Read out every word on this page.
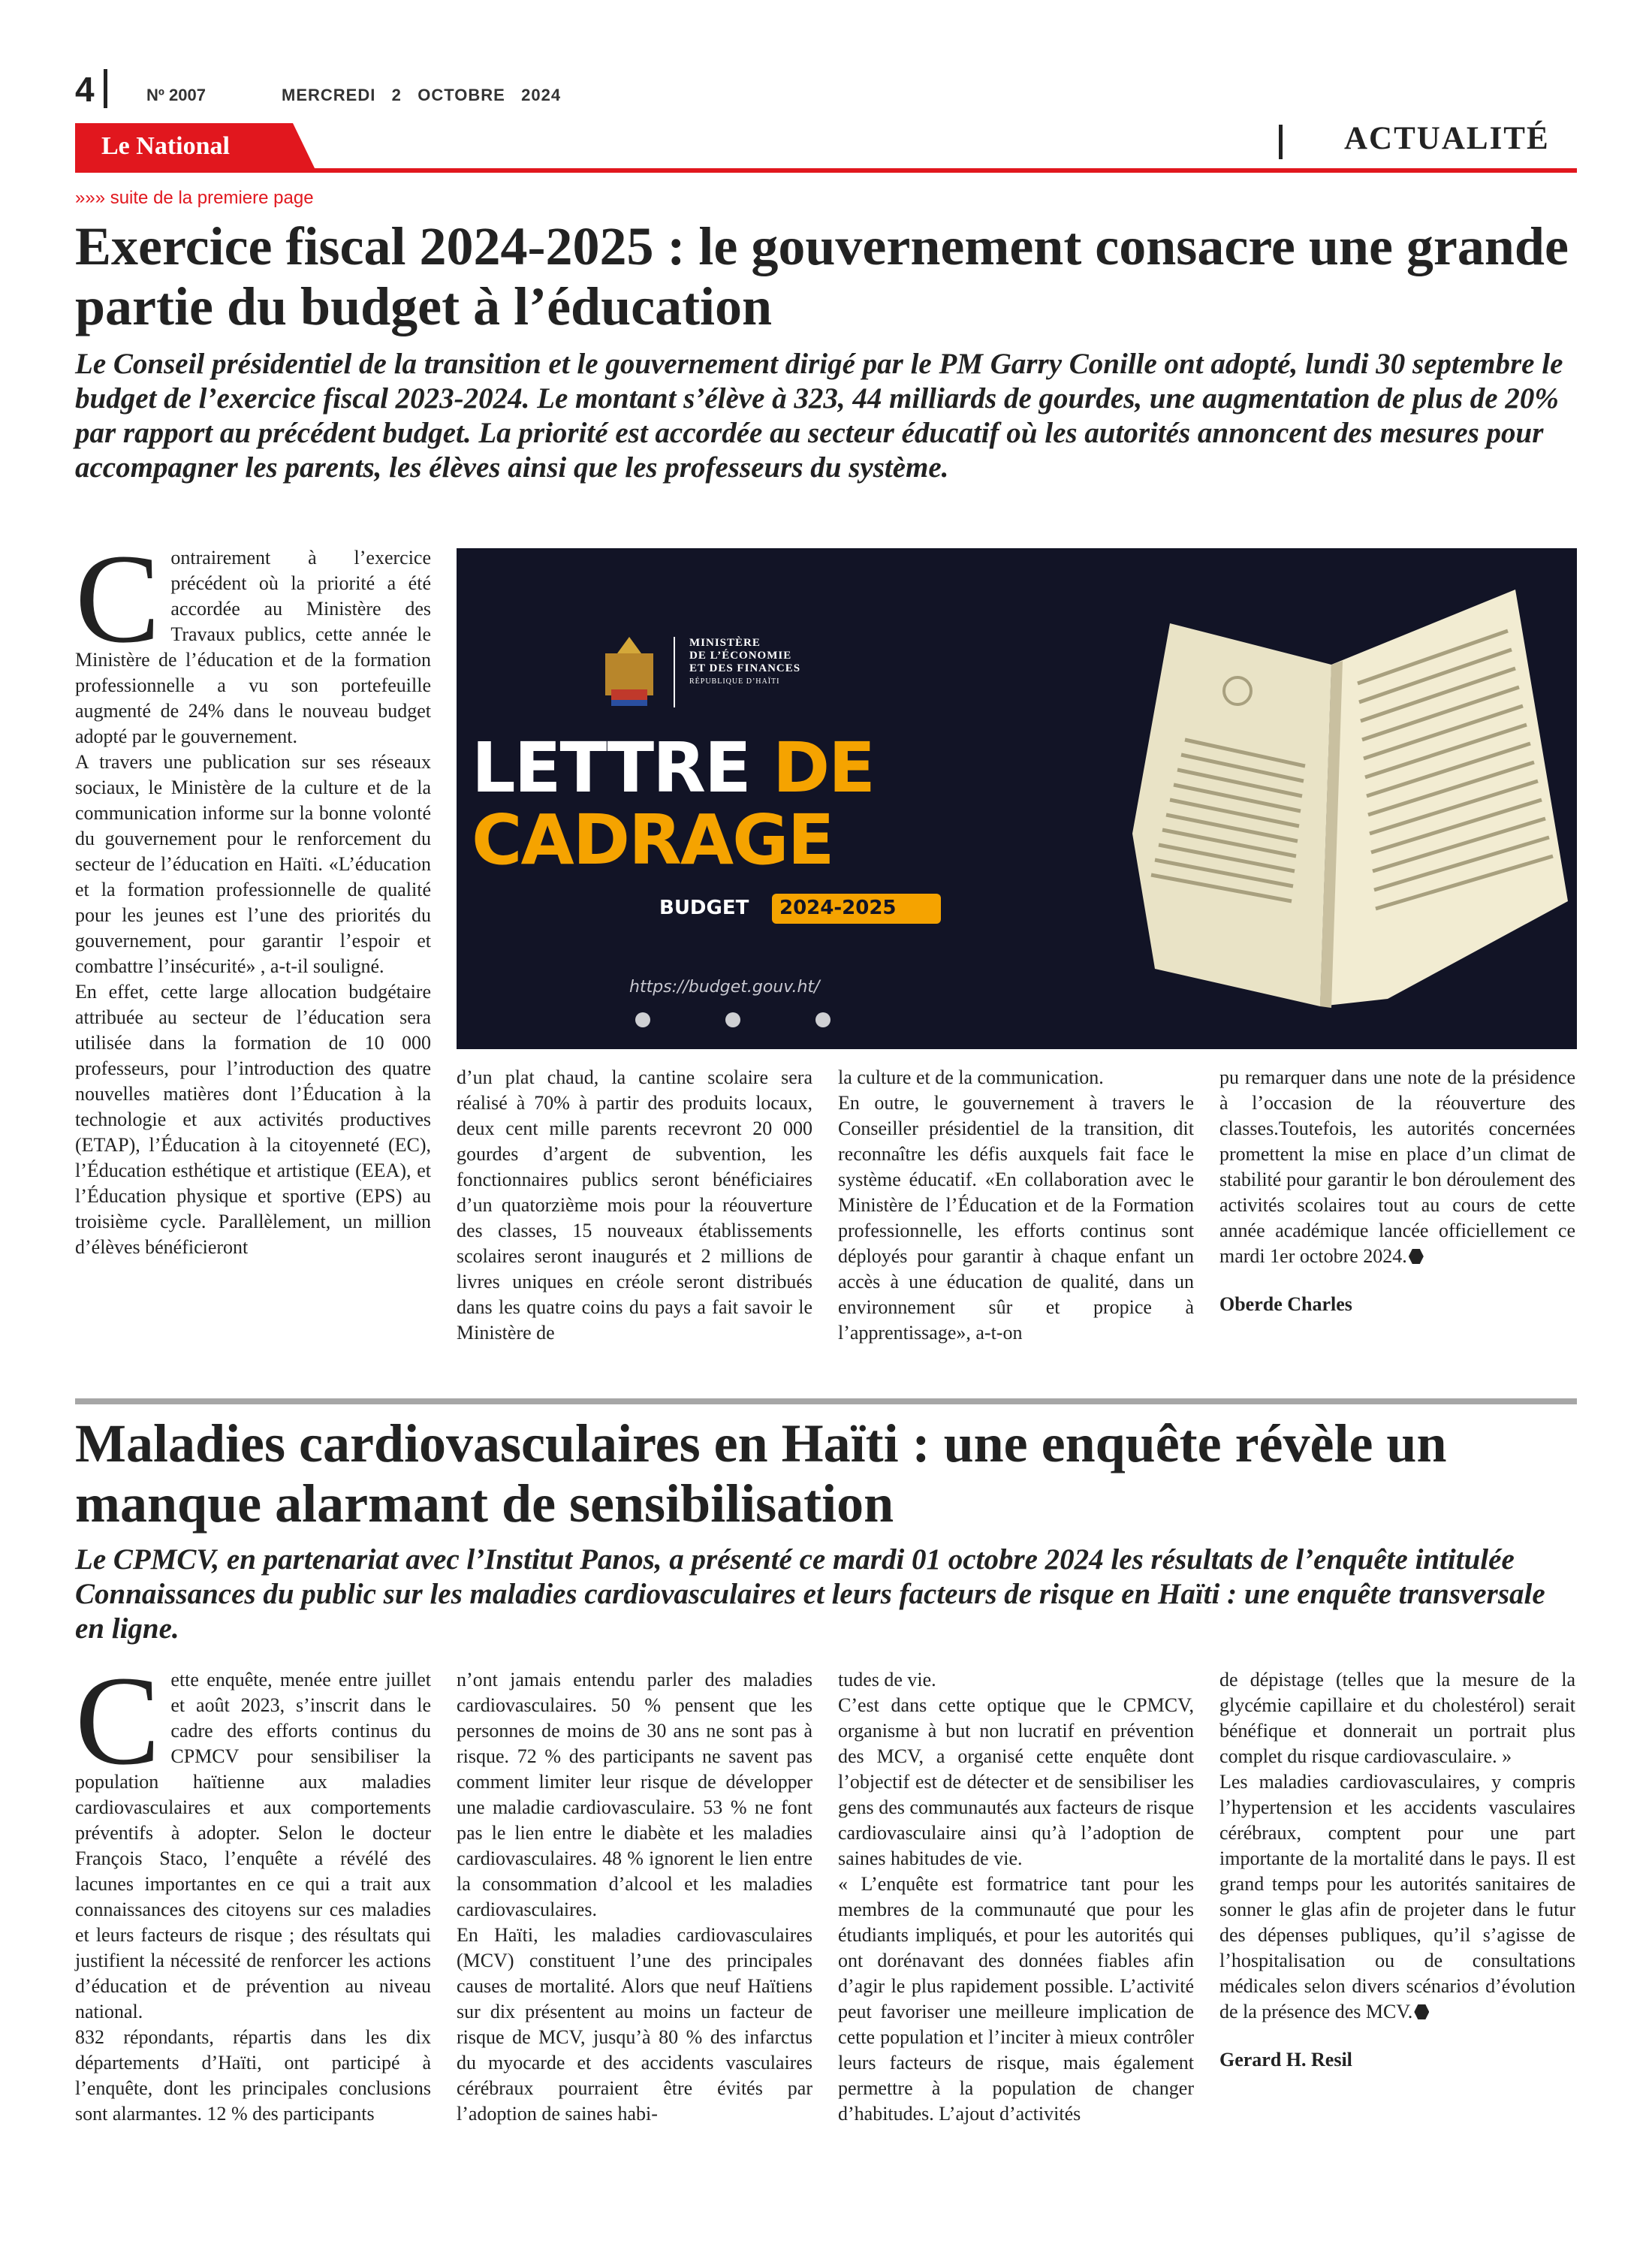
4	Nº 2007	MERCREDI   2   OCTOBRE   2024
Le National	ACTUALITÉ
»»» suite de la premiere page
Exercice fiscal 2024-2025 : le gouvernement consacre une grande partie du budget à l’éducation

Le Conseil présidentiel de la transition et le gouvernement dirigé par le PM Garry Conille ont adopté, lundi 30 septembre le budget de l’exercice fiscal 2023-2024. Le montant s’élève à 323, 44 milliards de gourdes, une augmentation de plus de 20% par rapport au précédent budget. La priorité est accordée au secteur éducatif où les autorités annoncent des mesures pour accompagner les parents, les élèves ainsi que les professeurs du système.

C ontrairement à l’exercice précédent où la priorité a été accordée au Ministère des Travaux publics, cette année le Ministère de l’éducation et de la formation professionnelle a vu son portefeuille augmenté de 24% dans le nouveau budget adopté par le gouvernement.

A travers une publication sur ses réseaux sociaux, le Ministère de la culture et de la communication informe sur la bonne volonté du gouvernement pour le renforcement du secteur de l’éducation en Haïti. «L’éducation et la formation professionnelle de qualité pour les jeunes est l’une des priorités du gouvernement, pour garantir l’espoir et combattre l’insécurité» , a-t-il souligné.

En effet, cette large allocation budgétaire attribuée au secteur de l’éducation sera utilisée dans la formation de 10 000 professeurs, pour l’introduction des quatre nouvelles matières dont l’Éducation à la technologie et aux activités productives (ETAP), l’Éducation à la citoyenneté (EC), l’Éducation esthétique et artistique (EEA), et l’Éducation physique et sportive (EPS) au troisième cycle. Parallèlement, un million d’élèves bénéficieront

MINISTÈRE
DE L’ÉCONOMIE
ET DES FINANCES
RÉPUBLIQUE D’HAÏTI
LETTRE DE
CADRAGE
BUDGET 2024-2025
https://budget.gouv.ht/

d’un plat chaud, la cantine scolaire sera réalisé à 70% à partir des produits locaux, deux cent mille parents recevront 20 000 gourdes d’argent de subvention, les fonctionnaires publics seront bénéficiaires d’un quatorzième mois pour la réouverture des classes, 15 nouveaux établissements scolaires seront inaugurés et 2 millions de livres uniques en créole seront distribués dans les quatre coins du pays a fait savoir le Ministère de

la culture et de la communication.

En outre, le gouvernement à travers le Conseiller présidentiel de la transition, dit reconnaître les défis auxquels fait face le système éducatif. «En collaboration avec le Ministère de l’Éducation et de la Formation professionnelle, les efforts continus sont déployés pour garantir à chaque enfant un accès à une éducation de qualité, dans un environnement sûr et propice à l’apprentissage», a-t-on

pu remarquer dans une note de la présidence à l’occasion de la réouverture des classes.Toutefois, les autorités concernées promettent la mise en place d’un climat de stabilité pour garantir le bon déroulement des activités scolaires tout au cours de cette année académique lancée officiellement ce mardi 1er octobre 2024.

Oberde Charles

Maladies cardiovasculaires en Haïti : une enquête révèle un manque alarmant de sensibilisation

Le CPMCV, en partenariat avec l’Institut Panos, a présenté ce mardi 01 octobre 2024 les résultats de l’enquête intitulée Connaissances du public sur les maladies cardiovasculaires et leurs facteurs de risque en Haïti : une enquête transversale en ligne.

C ette enquête, menée entre juillet et août 2023, s’inscrit dans le cadre des efforts continus du CPMCV pour sensibiliser la population haïtienne aux maladies cardiovasculaires et aux comportements préventifs à adopter. Selon le docteur François Staco, l’enquête a révélé des lacunes importantes en ce qui a trait aux connaissances des citoyens sur ces maladies et leurs facteurs de risque ; des résultats qui justifient la nécessité de renforcer les actions d’éducation et de prévention au niveau national.

832 répondants, répartis dans les dix départements d’Haïti, ont participé à l’enquête, dont les principales conclusions sont alarmantes. 12 % des participants

n’ont jamais entendu parler des maladies cardiovasculaires. 50 % pensent que les personnes de moins de 30 ans ne sont pas à risque. 72 % des participants ne savent pas comment limiter leur risque de développer une maladie cardiovasculaire. 53 % ne font pas le lien entre le diabète et les maladies cardiovasculaires. 48 % ignorent le lien entre la consommation d’alcool et les maladies cardiovasculaires.

En Haïti, les maladies cardiovasculaires (MCV) constituent l’une des principales causes de mortalité. Alors que neuf Haïtiens sur dix présentent au moins un facteur de risque de MCV, jusqu’à 80 % des infarctus du myocarde et des accidents vasculaires cérébraux pourraient être évités par l’adoption de saines habi-

tudes de vie.

C’est dans cette optique que le CPMCV, organisme à but non lucratif en prévention des MCV, a organisé cette enquête dont l’objectif est de détecter et de sensibiliser les gens des communautés aux facteurs de risque cardiovasculaire ainsi qu’à l’adoption de saines habitudes de vie.

« L’enquête est formatrice tant pour les membres de la communauté que pour les étudiants impliqués, et pour les autorités qui ont dorénavant des données fiables afin d’agir le plus rapidement possible. L’activité peut favoriser une meilleure implication de cette population et l’inciter à mieux contrôler leurs facteurs de risque, mais également permettre à la population de changer d’habitudes. L’ajout d’activités

de dépistage (telles que la mesure de la glycémie capillaire et du cholestérol) serait bénéfique et donnerait un portrait plus complet du risque cardiovasculaire. »

Les maladies cardiovasculaires, y compris l’hypertension et les accidents vasculaires cérébraux, comptent pour une part importante de la mortalité dans le pays. Il est grand temps pour les autorités sanitaires de sonner le glas afin de projeter dans le futur des dépenses publiques, qu’il s’agisse de l’hospitalisation ou de consultations médicales selon divers scénarios d’évolution de la présence des MCV.

Gerard H. Resil
